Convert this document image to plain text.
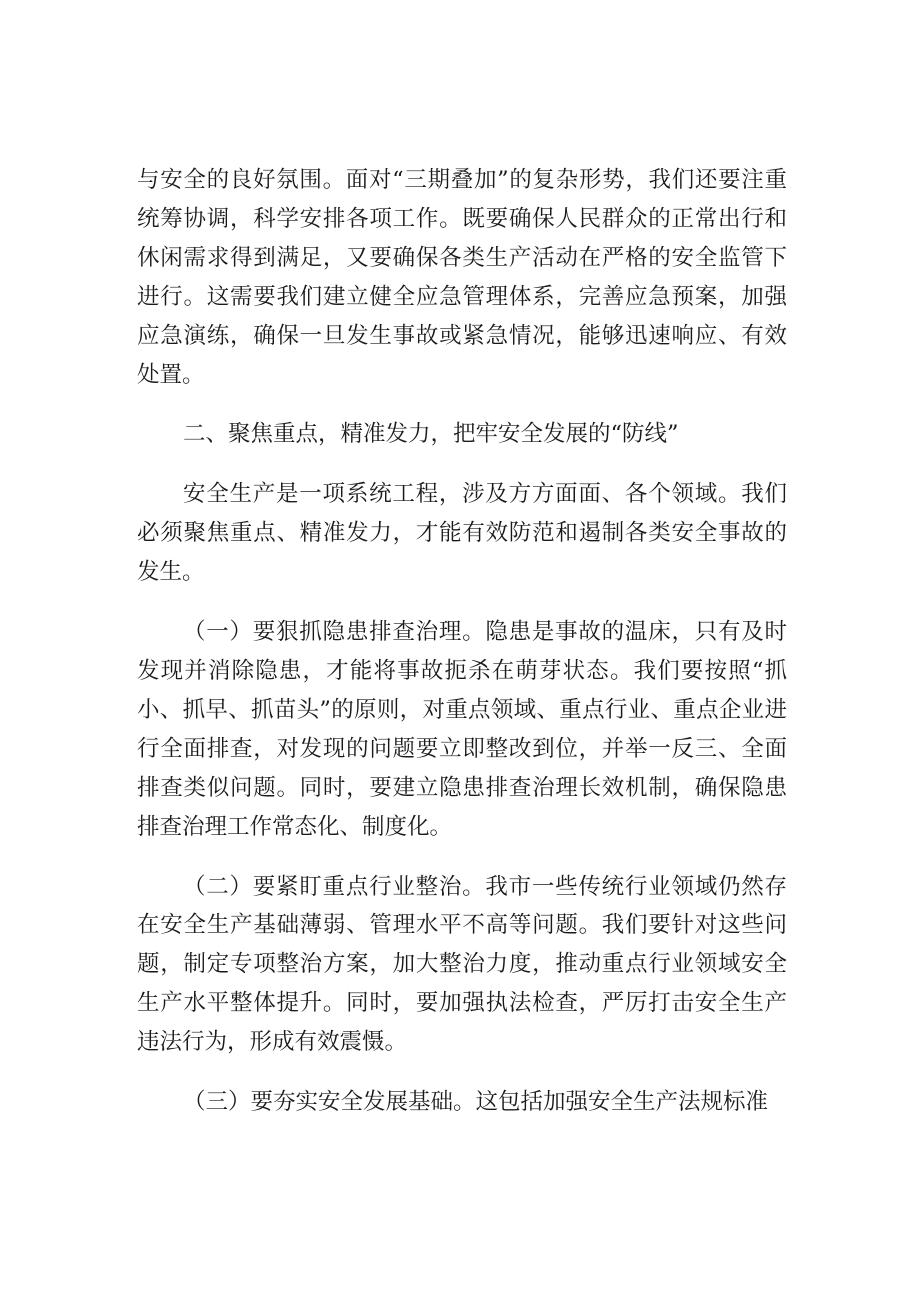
与安全的良好氛围。面对“三期叠加”的复杂形势，我们还要注重统筹协调，科学安排各项工作。既要确保人民群众的正常出行和休闲需求得到满足，又要确保各类生产活动在严格的安全监管下进行。这需要我们建立健全应急管理体系，完善应急预案，加强应急演练，确保一旦发生事故或紧急情况，能够迅速响应、有效处置。

二、聚焦重点，精准发力，把牢安全发展的“防线”

安全生产是一项系统工程，涉及方方面面、各个领域。我们必须聚焦重点、精准发力，才能有效防范和遏制各类安全事故的发生。

（一）要狠抓隐患排查治理。隐患是事故的温床，只有及时发现并消除隐患，才能将事故扼杀在萌芽状态。我们要按照“抓小、抓早、抓苗头”的原则，对重点领域、重点行业、重点企业进行全面排查，对发现的问题要立即整改到位，并举一反三、全面排查类似问题。同时，要建立隐患排查治理长效机制，确保隐患排查治理工作常态化、制度化。

（二）要紧盯重点行业整治。我市一些传统行业领域仍然存在安全生产基础薄弱、管理水平不高等问题。我们要针对这些问题，制定专项整治方案，加大整治力度，推动重点行业领域安全生产水平整体提升。同时，要加强执法检查，严厉打击安全生产违法行为，形成有效震慑。

（三）要夯实安全发展基础。这包括加强安全生产法规标准
